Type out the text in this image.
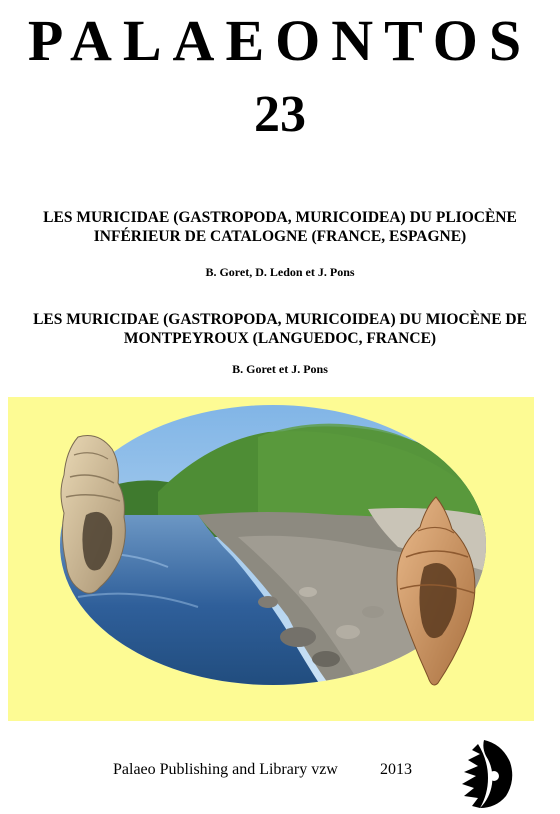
PALAEONTOS
23
LES MURICIDAE (GASTROPODA, MURICOIDEA) DU PLIOCÈNE
INFÉRIEUR DE CATALOGNE (FRANCE, ESPAGNE)
B. Goret, D. Ledon et J. Pons
LES MURICIDAE (GASTROPODA, MURICOIDEA) DU MIOCÈNE DE
MONTPEYROUX (LANGUEDOC, FRANCE)
B. Goret et J. Pons
Palaeo Publishing and Library vzw	2013
